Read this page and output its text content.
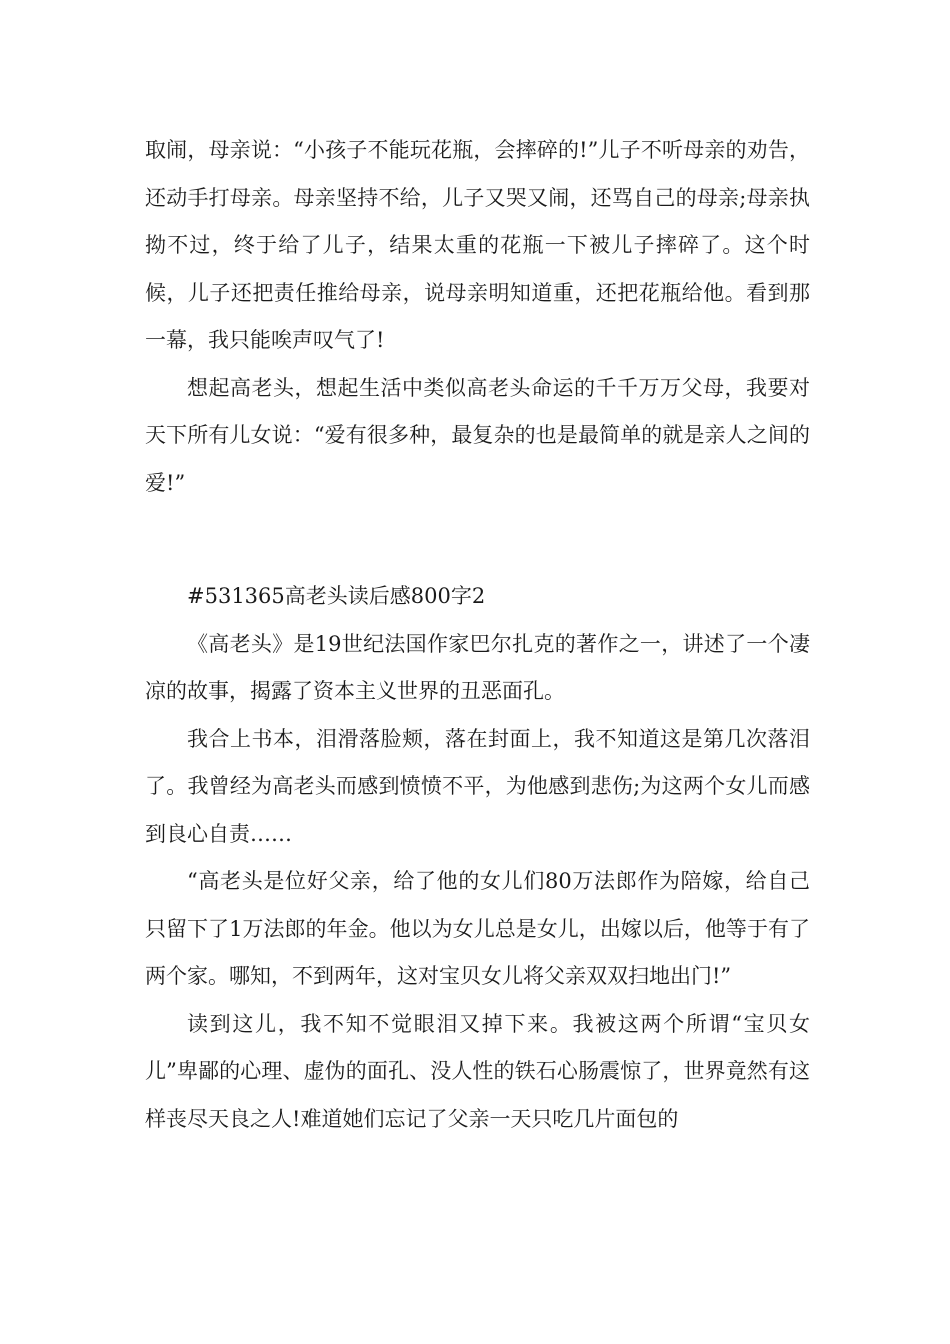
取闹，母亲说：“小孩子不能玩花瓶，会摔碎的!”儿子不听母亲的劝告，还动手打母亲。母亲坚持不给，儿子又哭又闹，还骂自己的母亲;母亲执拗不过，终于给了儿子，结果太重的花瓶一下被儿子摔碎了。这个时候，儿子还把责任推给母亲，说母亲明知道重，还把花瓶给他。看到那一幕，我只能唉声叹气了!

想起高老头，想起生活中类似高老头命运的千千万万父母，我要对天下所有儿女说：“爱有很多种，最复杂的也是最简单的就是亲人之间的爱!”

#531365高老头读后感800字2

《高老头》是19世纪法国作家巴尔扎克的著作之一，讲述了一个凄凉的故事，揭露了资本主义世界的丑恶面孔。

我合上书本，泪滑落脸颊，落在封面上，我不知道这是第几次落泪了。我曾经为高老头而感到愤愤不平，为他感到悲伤;为这两个女儿而感到良心自责……

“高老头是位好父亲，给了他的女儿们80万法郎作为陪嫁，给自己只留下了1万法郎的年金。他以为女儿总是女儿，出嫁以后，他等于有了两个家。哪知，不到两年，这对宝贝女儿将父亲双双扫地出门!”

读到这儿，我不知不觉眼泪又掉下来。我被这两个所谓“宝贝女儿”卑鄙的心理、虚伪的面孔、没人性的铁石心肠震惊了，世界竟然有这样丧尽天良之人!难道她们忘记了父亲一天只吃几片面包的
